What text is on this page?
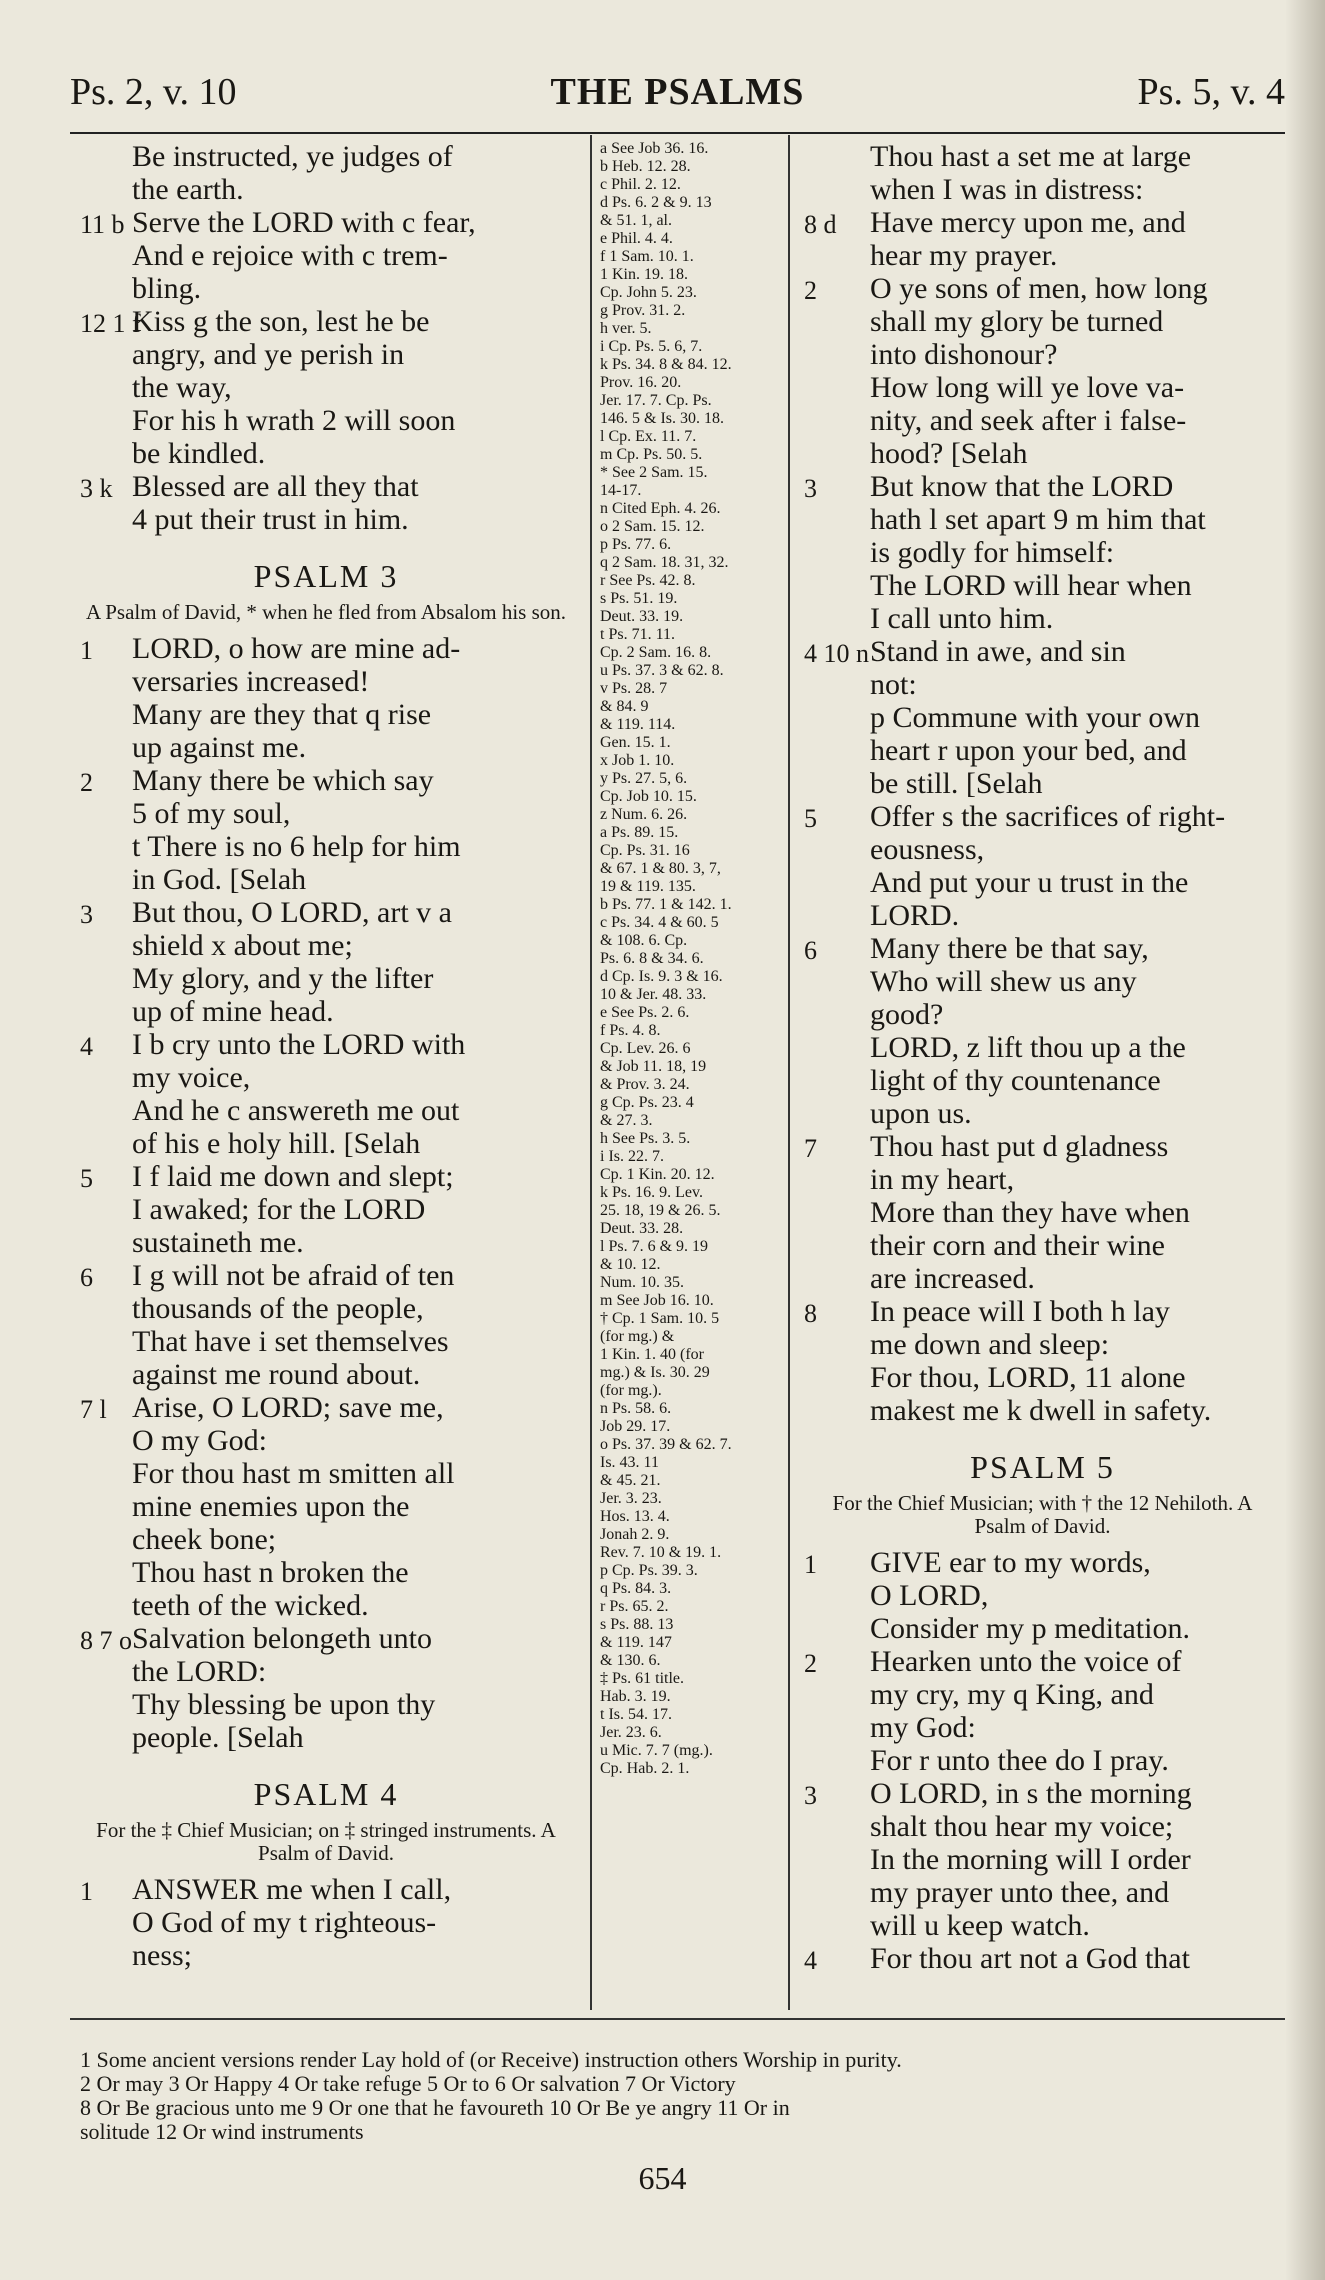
Ps. 2, v. 10	THE PSALMS	Ps. 5, v. 4
Be instructed, ye judges of
the earth.
11 b Serve the LORD with c fear,
And e rejoice with c trem-
bling.
12 1 f
Kiss g the son, lest he be
angry, and ye perish in
the way,
For his h wrath 2 will soon
be kindled.
3 k Blessed are all they that
4 put their trust in him.
PSALM 3
A Psalm of David, * when he fled from Absalom his son.
1 LORD, o how are mine ad-
versaries increased!
Many are they that q rise
up against me.
2 Many there be which say
5 of my soul,
t There is no 6 help for him
in God. [Selah
3 But thou, O LORD, art v a
shield x about me;
My glory, and y the lifter
up of mine head.
4 I b cry unto the LORD with
my voice,
And he c answereth me out
of his e holy hill. [Selah
5 I f laid me down and slept;
I awaked; for the LORD
sustaineth me.
6 I g will not be afraid of ten
thousands of the people,
That have i set themselves
against me round about.
7 l Arise, O LORD; save me,
O my God:
For thou hast m smitten all
mine enemies upon the
cheek bone;
Thou hast n broken the
teeth of the wicked.
8 7 o Salvation belongeth unto
the LORD:
Thy blessing be upon thy
people. [Selah
PSALM 4
For the ‡ Chief Musician; on ‡ stringed instruments. A Psalm of David.
1 ANSWER me when I call,
O God of my t righteous-
ness;
a See Job 36. 16.
b Heb. 12. 28.
c Phil. 2. 12.
d Ps. 6. 2 & 9. 13
& 51. 1, al.
e Phil. 4. 4.
f 1 Sam. 10. 1.
1 Kin. 19. 18.
Cp. John 5. 23.
g Prov. 31. 2.
h ver. 5.
i Cp. Ps. 5. 6, 7.
k Ps. 34. 8 & 84. 12.
Prov. 16. 20.
Jer. 17. 7. Cp. Ps.
146. 5 & Is. 30. 18.
l Cp. Ex. 11. 7.
m Cp. Ps. 50. 5.
* See 2 Sam. 15.
14-17.
n Cited Eph. 4. 26.
o 2 Sam. 15. 12.
p Ps. 77. 6.
q 2 Sam. 18. 31, 32.
r See Ps. 42. 8.
s Ps. 51. 19.
Deut. 33. 19.
t Ps. 71. 11.
Cp. 2 Sam. 16. 8.
u Ps. 37. 3 & 62. 8.
v Ps. 28. 7
& 84. 9
& 119. 114.
Gen. 15. 1.
x Job 1. 10.
y Ps. 27. 5, 6.
Cp. Job 10. 15.
z Num. 6. 26.
a Ps. 89. 15.
Cp. Ps. 31. 16
& 67. 1 & 80. 3, 7,
19 & 119. 135.
b Ps. 77. 1 & 142. 1.
c Ps. 34. 4 & 60. 5
& 108. 6. Cp.
Ps. 6. 8 & 34. 6.
d Cp. Is. 9. 3 & 16.
10 & Jer. 48. 33.
e See Ps. 2. 6.
f Ps. 4. 8.
Cp. Lev. 26. 6
& Job 11. 18, 19
& Prov. 3. 24.
g Cp. Ps. 23. 4
& 27. 3.
h See Ps. 3. 5.
i Is. 22. 7.
Cp. 1 Kin. 20. 12.
k Ps. 16. 9. Lev.
25. 18, 19 & 26. 5.
Deut. 33. 28.
l Ps. 7. 6 & 9. 19
& 10. 12.
Num. 10. 35.
m See Job 16. 10.
† Cp. 1 Sam. 10. 5
(for mg.) &
1 Kin. 1. 40 (for
mg.) & Is. 30. 29
(for mg.).
n Ps. 58. 6.
Job 29. 17.
o Ps. 37. 39 & 62. 7.
Is. 43. 11
& 45. 21.
Jer. 3. 23.
Hos. 13. 4.
Jonah 2. 9.
Rev. 7. 10 & 19. 1.
p Cp. Ps. 39. 3.
q Ps. 84. 3.
r Ps. 65. 2.
s Ps. 88. 13
& 119. 147
& 130. 6.
‡ Ps. 61 title.
Hab. 3. 19.
t Is. 54. 17.
Jer. 23. 6.
u Mic. 7. 7 (mg.).
Cp. Hab. 2. 1.
Thou hast a set me at large
when I was in distress:
8 d Have mercy upon me, and
hear my prayer.
2 O ye sons of men, how long
shall my glory be turned
into dishonour?
How long will ye love va-
nity, and seek after i false-
hood? [Selah
3 But know that the LORD
hath l set apart 9 m him that
is godly for himself:
The LORD will hear when
I call unto him.
4 10 n Stand in awe, and sin
not:
p Commune with your own
heart r upon your bed, and
be still. [Selah
5 Offer s the sacrifices of right-
eousness,
And put your u trust in the
LORD.
6 Many there be that say,
Who will shew us any
good?
LORD, z lift thou up a the
light of thy countenance
upon us.
7 Thou hast put d gladness
in my heart,
More than they have when
their corn and their wine
are increased.
8 In peace will I both h lay
me down and sleep:
For thou, LORD, 11 alone
makest me k dwell in safety.
PSALM 5
For the Chief Musician; with † the 12 Nehiloth. A Psalm of David.
1 GIVE ear to my words,
O LORD,
Consider my p meditation.
2 Hearken unto the voice of
my cry, my q King, and
my God:
For r unto thee do I pray.
3 O LORD, in s the morning
shalt thou hear my voice;
In the morning will I order
my prayer unto thee, and
will u keep watch.
4 For thou art not a God that
1 Some ancient versions render Lay hold of (or Receive) instruction others Worship in purity.
2 Or may 3 Or Happy 4 Or take refuge 5 Or to 6 Or salvation 7 Or Victory
8 Or Be gracious unto me 9 Or one that he favoureth 10 Or Be ye angry 11 Or in
solitude 12 Or wind instruments
654
